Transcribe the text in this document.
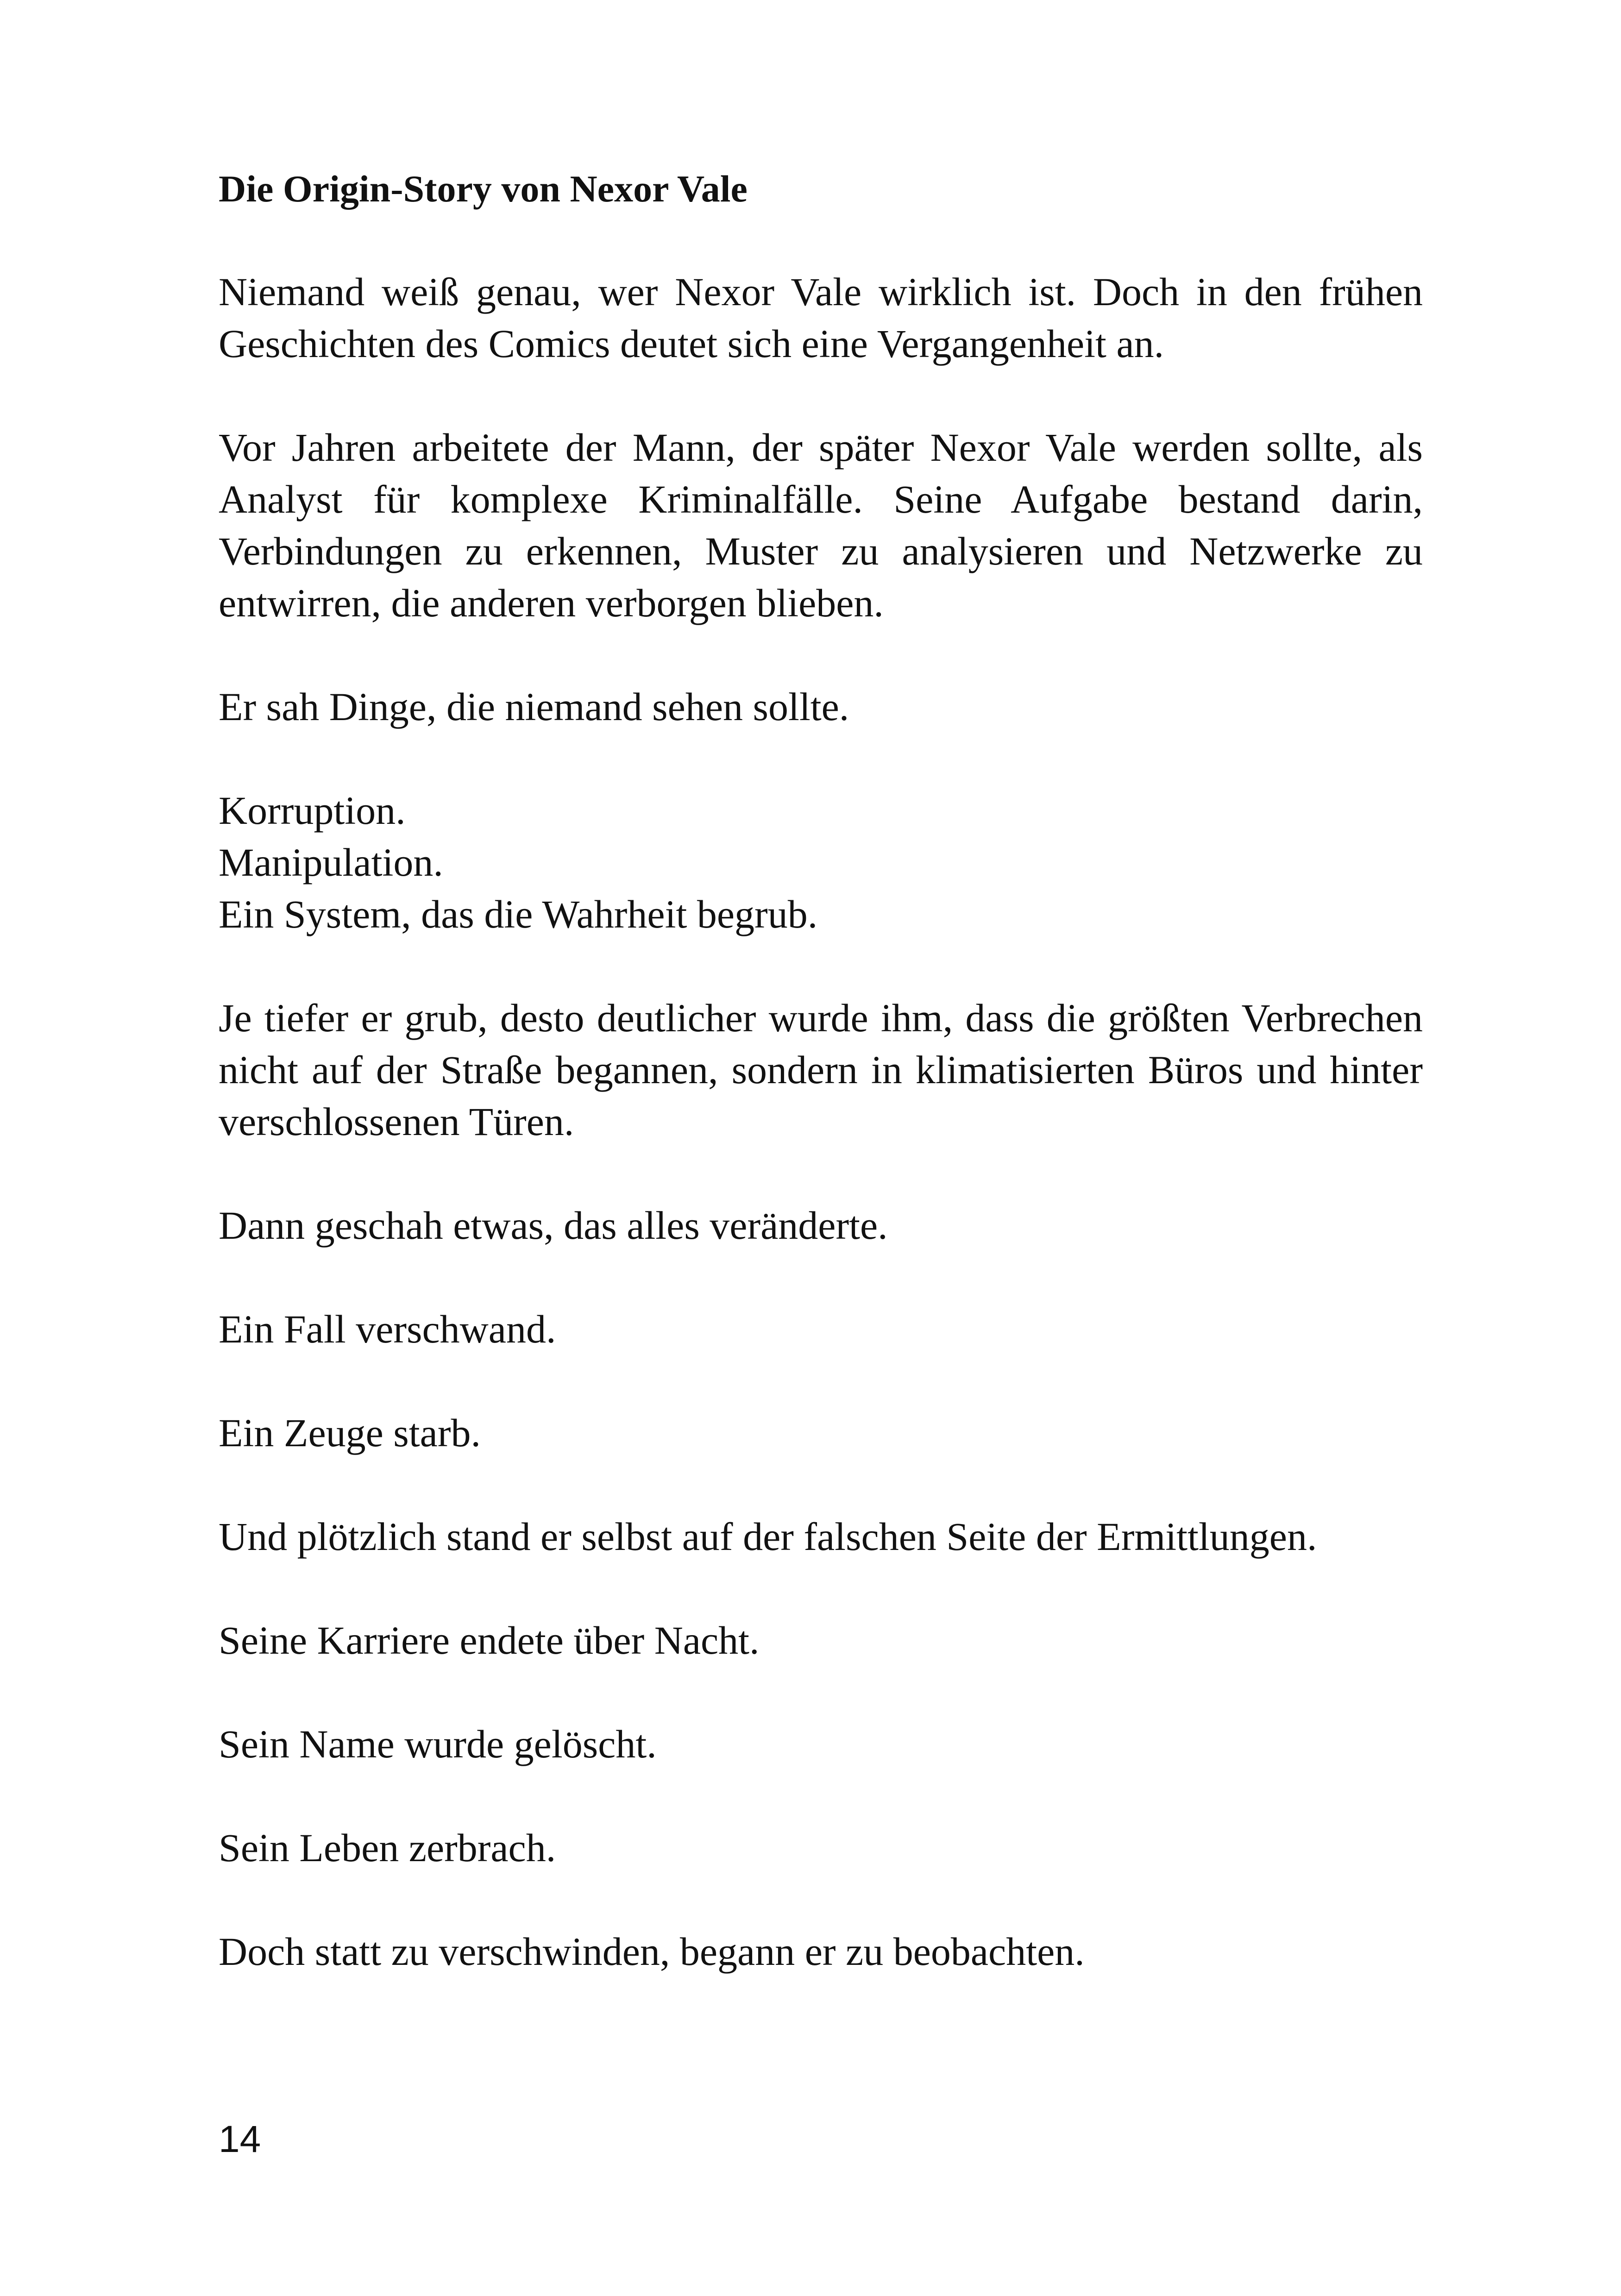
Die Origin-Story von Nexor Vale

Niemand weiß genau, wer Nexor Vale wirklich ist. Doch in den frühen Geschichten des Comics deutet sich eine Vergangenheit an.

Vor Jahren arbeitete der Mann, der später Nexor Vale werden sollte, als Analyst für komplexe Kriminalfälle. Seine Aufgabe bestand darin, Verbindungen zu erkennen, Muster zu analysieren und Netzwerke zu entwirren, die anderen verborgen blieben.

Er sah Dinge, die niemand sehen sollte.

Korruption.
Manipulation.
Ein System, das die Wahrheit begrub.

Je tiefer er grub, desto deutlicher wurde ihm, dass die größten Verbrechen nicht auf der Straße begannen, sondern in klimatisierten Büros und hinter verschlossenen Türen.

Dann geschah etwas, das alles veränderte.

Ein Fall verschwand.

Ein Zeuge starb.

Und plötzlich stand er selbst auf der falschen Seite der Ermittlungen.

Seine Karriere endete über Nacht.

Sein Name wurde gelöscht.

Sein Leben zerbrach.

Doch statt zu verschwinden, begann er zu beobachten.

14
